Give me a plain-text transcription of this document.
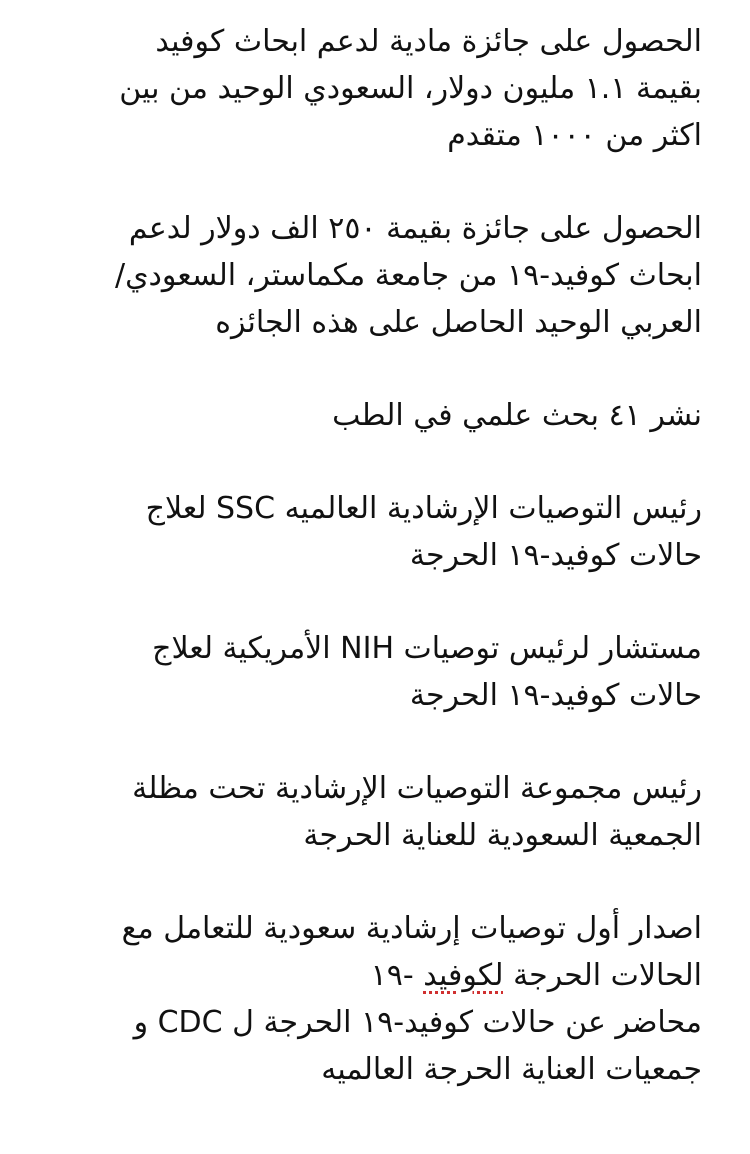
الحصول على جائزة مادية لدعم ابحاث كوفيد
بقيمة ١.١ مليون دولار، السعودي الوحيد من بين
اكثر من ١٠٠٠ متقدم

الحصول على جائزة بقيمة ٢٥٠ الف دولار لدعم
ابحاث كوفيد-١٩ من جامعة مكماستر، السعودي/
العربي الوحيد الحاصل على هذه الجائزه

نشر ٤١ بحث علمي في الطب

رئيس التوصيات الإرشادية العالميه SSC لعلاج
حالات كوفيد-١٩ الحرجة

مستشار لرئيس توصيات NIH الأمريكية لعلاج
حالات كوفيد-١٩ الحرجة

رئيس مجموعة التوصيات الإرشادية تحت مظلة
الجمعية السعودية للعناية الحرجة

اصدار أول توصيات إرشادية سعودية للتعامل مع
الحالات الحرجة لكوفيد -١٩
محاضر عن حالات كوفيد-١٩ الحرجة ل CDC و
جمعيات العناية الحرجة العالميه
